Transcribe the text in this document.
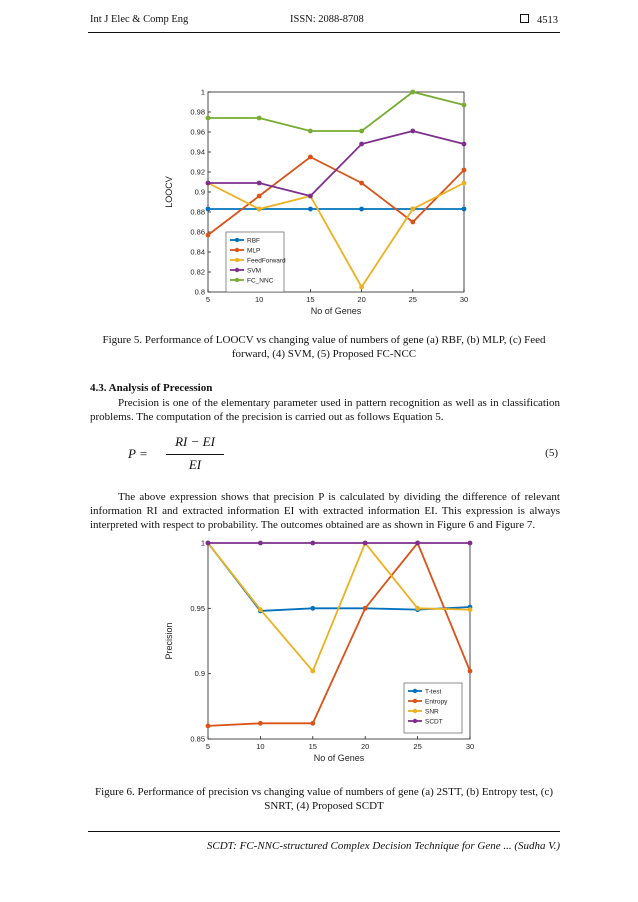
Int J Elec & Comp Eng	ISSN: 2088-8708	4513
5	10	15	20	25	30
0.8
0.82
0.84
0.86
0.88
0.9
0.92
0.94
0.96
0.98
1
No of Genes
LOOCV
RBF
MLP
FeedForward
SVM
FC_NNC
Figure 5. Performance of LOOCV vs changing value of numbers of gene (a) RBF, (b) MLP, (c) Feed forward, (4) SVM, (5) Proposed FC-NCC
4.3. Analysis of Precession
Precision is one of the elementary parameter used in pattern recognition as well as in classification problems. The computation of the precision is carried out as follows Equation 5.
P =
RI − EI
EI
(5)
The above expression shows that precision P is calculated by dividing the difference of relevant information RI and extracted information EI with extracted information EI. This expression is always interpreted with respect to probability. The outcomes obtained are as shown in Figure 6 and Figure 7.
5	10	15	20	25	30
0.85
0.9
0.95
1
No of Genes
Precision
T-test
Entropy
SNR
SCDT
Figure 6. Performance of precision vs changing value of numbers of gene (a) 2STT, (b) Entropy test, (c) SNRT, (4) Proposed SCDT
SCDT: FC-NNC-structured Complex Decision Technique for Gene ... (Sudha V.)
